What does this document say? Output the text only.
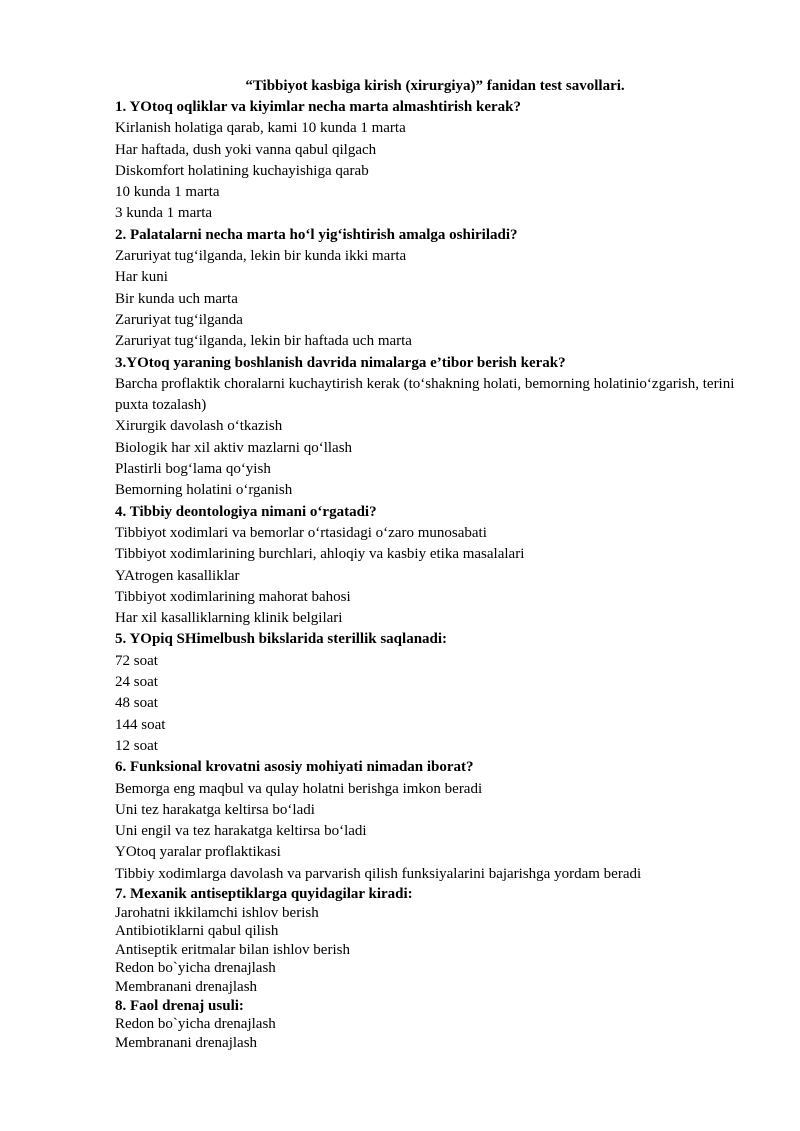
“Tibbiyot kasbiga kirish (xirurgiya)” fanidan test savollari.

1. YOtoq oqliklar va kiyimlar necha marta almashtirish kerak?

Kirlanish holatiga qarab, kami 10 kunda 1 marta

Har haftada, dush yoki vanna qabul qilgach

Diskomfort holatining kuchayishiga qarab

10 kunda 1 marta

3 kunda 1 marta

2. Palatalarni necha marta ho‘l yig‘ishtirish amalga oshiriladi?

Zaruriyat tug‘ilganda, lekin bir kunda ikki marta

Har kuni

Bir kunda uch marta

Zaruriyat tug‘ilganda

Zaruriyat tug‘ilganda, lekin bir haftada uch marta

3.YOtoq yaraning boshlanish davrida nimalarga e’tibor berish kerak?

Barcha proflaktik choralarni kuchaytirish kerak (to‘shakning holati, bemorning holatinio‘zgarish, terini puxta tozalash)

Xirurgik davolash o‘tkazish

Biologik har xil aktiv mazlarni qo‘llash

Plastirli bog‘lama qo‘yish

Bemorning holatini o‘rganish

4. Tibbiy deontologiya nimani o‘rgatadi?

Tibbiyot xodimlari va bemorlar o‘rtasidagi o‘zaro munosabati

Tibbiyot xodimlarining burchlari, ahloqiy va kasbiy etika masalalari

YAtrogen kasalliklar

Tibbiyot xodimlarining mahorat bahosi

Har xil kasalliklarning klinik belgilari

5. YOpiq SHimelbush bikslarida sterillik saqlanadi:

72 soat

24 soat

48 soat

144 soat

12 soat

6. Funksional krovatni asosiy mohiyati nimadan iborat?

Bemorga eng maqbul va qulay holatni berishga imkon beradi

Uni tez harakatga keltirsa bo‘ladi

Uni engil va tez harakatga keltirsa bo‘ladi

YOtoq yaralar proflaktikasi

Tibbiy xodimlarga davolash va parvarish qilish funksiyalarini bajarishga yordam beradi

7. Mexanik antiseptiklarga quyidagilar kiradi:

Jarohatni ikkilamchi ishlov berish

Antibiotiklarni qabul qilish

Antiseptik eritmalar bilan ishlov berish

Redon bo`yicha drenajlash

Membranani drenajlash

8. Faol drenaj usuli:

Redon bo`yicha drenajlash

Membranani drenajlash
